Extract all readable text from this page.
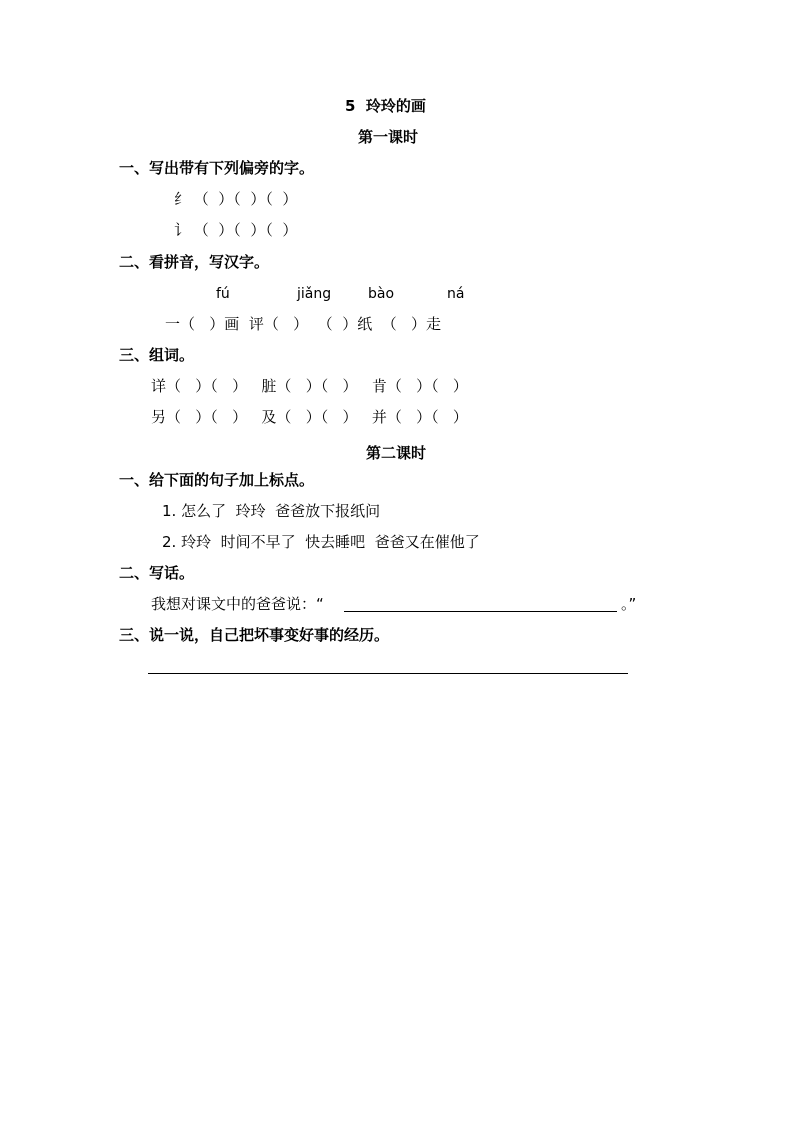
5  玲玲的画
第一课时
一、写出带有下列偏旁的字。
纟 （  ）（  ）（  ）
讠 （  ）（  ）（  ）
二、看拼音，写汉字。
fú	jiǎng	bào	ná
一（   ）画  评（   ）  （  ）纸  （   ）走
三、组词。
详（   ）（   ）   脏（   ）（   ）   肯（   ）（   ）
另（   ）（   ）   及（   ）（   ）   并（   ）（   ）
第二课时
一、给下面的句子加上标点。
1. 怎么了  玲玲  爸爸放下报纸问
2. 玲玲  时间不早了  快去睡吧  爸爸又在催他了
二、写话。
我想对课文中的爸爸说：“	。”
三、说一说，自己把坏事变好事的经历。
